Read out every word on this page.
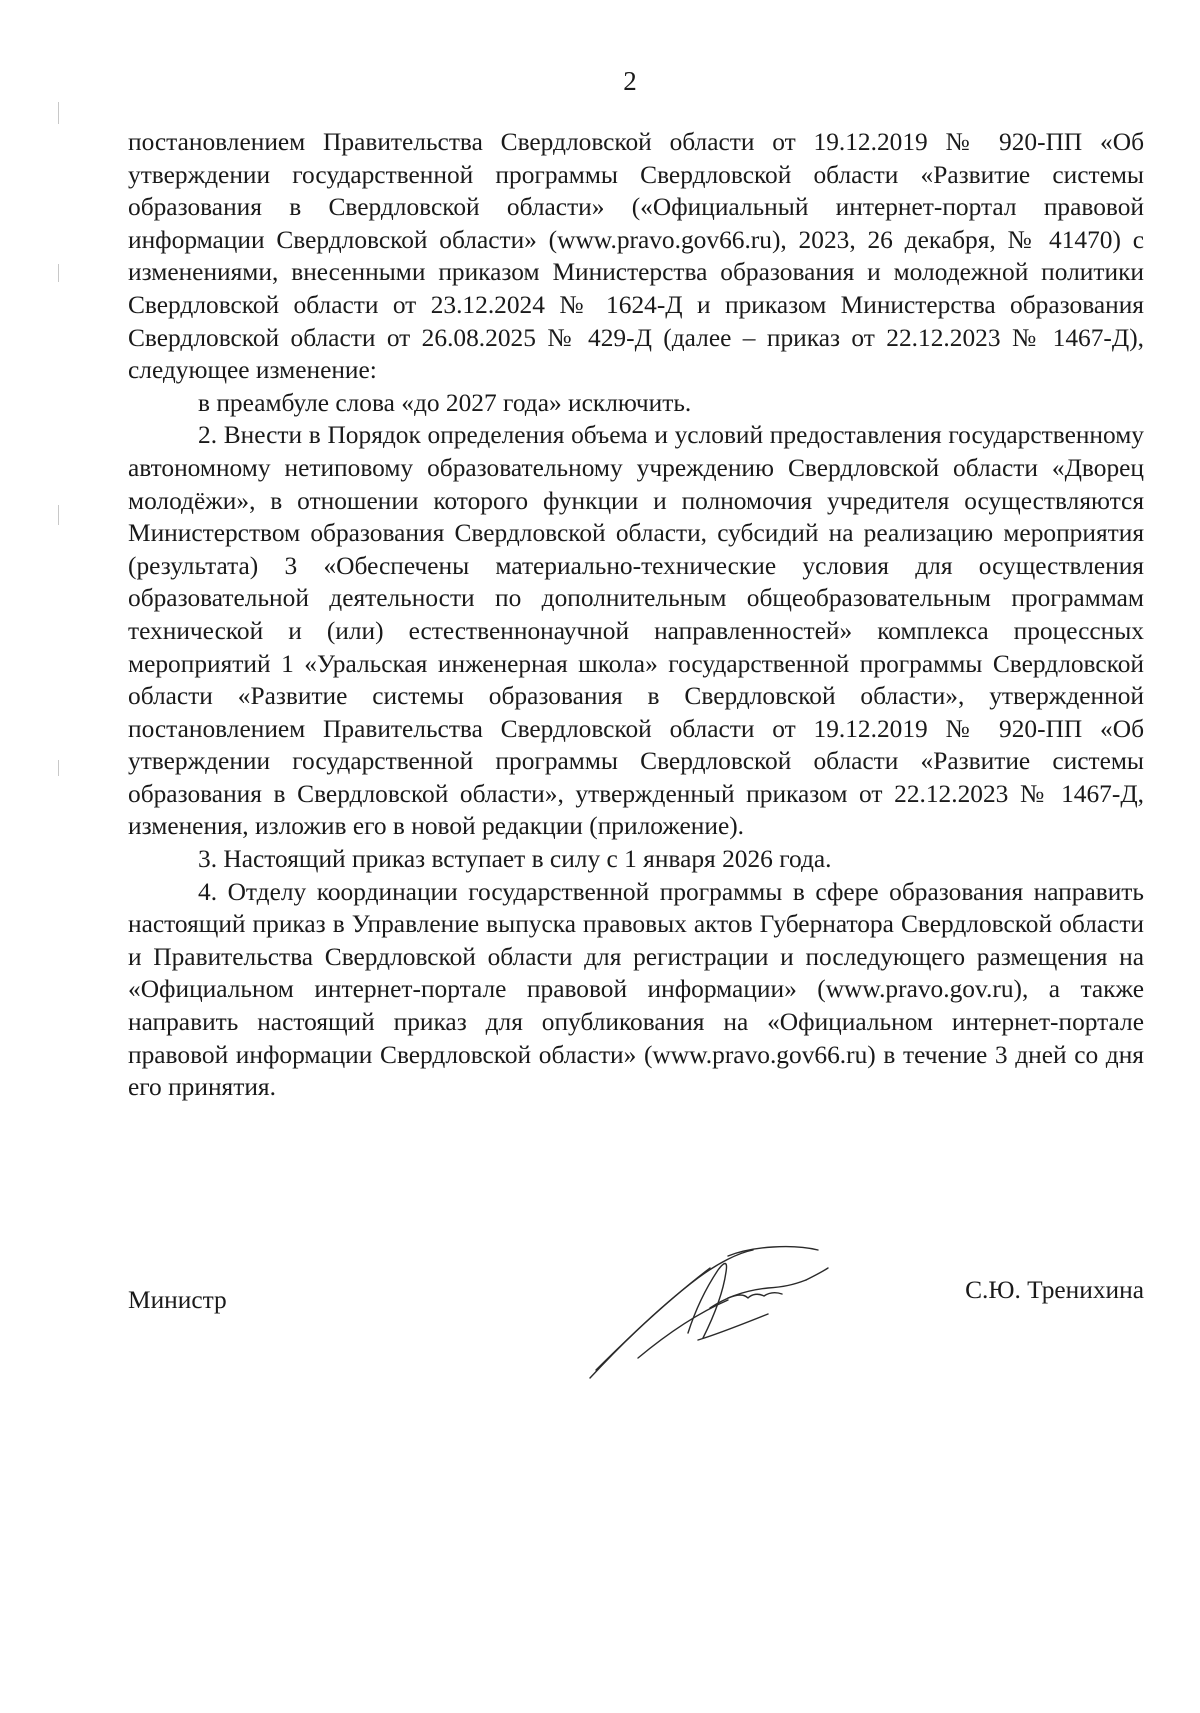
2

постановлением Правительства Свердловской области от 19.12.2019 № 920-ПП «Об утверждении государственной программы Свердловской области «Развитие системы образования в Свердловской области» («Официальный интернет-портал правовой информации Свердловской области» (www.pravo.gov66.ru), 2023, 26 декабря, № 41470) с изменениями, внесенными приказом Министерства образования и молодежной политики Свердловской области от 23.12.2024 № 1624-Д и приказом Министерства образования Свердловской области от 26.08.2025 № 429-Д (далее – приказ от 22.12.2023 № 1467-Д), следующее изменение:

в преамбуле слова «до 2027 года» исключить.

2. Внести в Порядок определения объема и условий предоставления государственному автономному нетиповому образовательному учреждению Свердловской области «Дворец молодёжи», в отношении которого функции и полномочия учредителя осуществляются Министерством образования Свердловской области, субсидий на реализацию мероприятия (результата) 3 «Обеспечены материально-технические условия для осуществления образовательной деятельности по дополнительным общеобразовательным программам технической и (или) естественнонаучной направленностей» комплекса процессных мероприятий 1 «Уральская инженерная школа» государственной программы Свердловской области «Развитие системы образования в Свердловской области», утвержденной постановлением Правительства Свердловской области от 19.12.2019 № 920-ПП «Об утверждении государственной программы Свердловской области «Развитие системы образования в Свердловской области», утвержденный приказом от 22.12.2023 № 1467-Д, изменения, изложив его в новой редакции (приложение).

3. Настоящий приказ вступает в силу с 1 января 2026 года.

4. Отделу координации государственной программы в сфере образования направить настоящий приказ в Управление выпуска правовых актов Губернатора Свердловской области и Правительства Свердловской области для регистрации и последующего размещения на «Официальном интернет-портале правовой информации» (www.pravo.gov.ru), а также направить настоящий приказ для опубликования на «Официальном интернет-портале правовой информации Свердловской области» (www.pravo.gov66.ru) в течение 3 дней со дня его принятия.

Министр	С.Ю. Тренихина
